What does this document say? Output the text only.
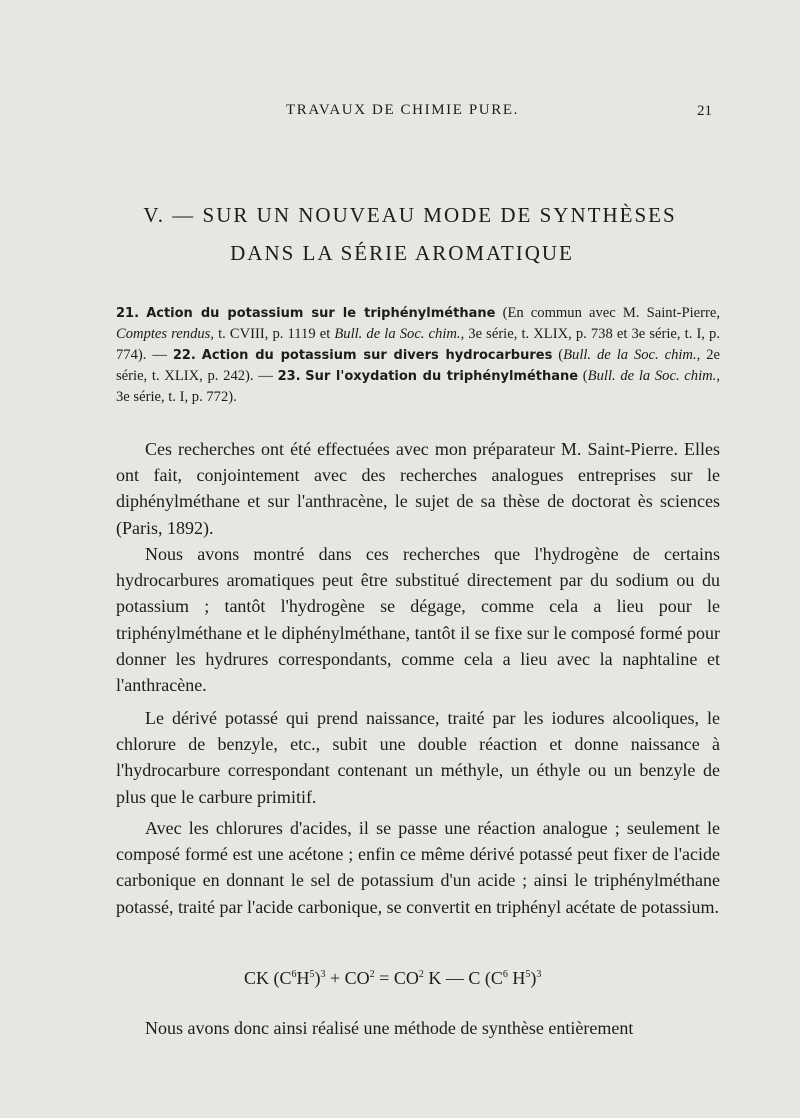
TRAVAUX DE CHIMIE PURE.	21
V. — SUR UN NOUVEAU MODE DE SYNTHÈSES
DANS LA SÉRIE AROMATIQUE
21. Action du potassium sur le triphénylméthane (En commun avec M. Saint-Pierre, Comptes rendus, t. CVIII, p. 1119 et Bull. de la Soc. chim., 3e série, t. XLIX, p. 738 et 3e série, t. I, p. 774). — 22. Action du potassium sur divers hydrocarbures (Bull. de la Soc. chim., 2e série, t. XLIX, p. 242). — 23. Sur l'oxydation du triphénylméthane (Bull. de la Soc. chim., 3e série, t. I, p. 772).

Ces recherches ont été effectuées avec mon préparateur M. Saint-Pierre. Elles ont fait, conjointement avec des recherches analogues entreprises sur le diphénylméthane et sur l'anthracène, le sujet de sa thèse de doctorat ès sciences (Paris, 1892).

Nous avons montré dans ces recherches que l'hydrogène de certains hydrocarbures aromatiques peut être substitué directement par du sodium ou du potassium ; tantôt l'hydrogène se dégage, comme cela a lieu pour le triphénylméthane et le diphénylméthane, tantôt il se fixe sur le composé formé pour donner les hydrures correspondants, comme cela a lieu avec la naphtaline et l'anthracène.

Le dérivé potassé qui prend naissance, traité par les iodures alcooliques, le chlorure de benzyle, etc., subit une double réaction et donne naissance à l'hydrocarbure correspondant contenant un méthyle, un éthyle ou un benzyle de plus que le carbure primitif.

Avec les chlorures d'acides, il se passe une réaction analogue ; seulement le composé formé est une acétone ; enfin ce même dérivé potassé peut fixer de l'acide carbonique en donnant le sel de potassium d'un acide ; ainsi le triphénylméthane potassé, traité par l'acide carbonique, se convertit en triphényl acétate de potassium.

CK $(C^6H^5)^3 + CO^2 = CO^2$ K — C ($C^6$ $H^5)^3$

Nous avons donc ainsi réalisé une méthode de synthèse entièrement
